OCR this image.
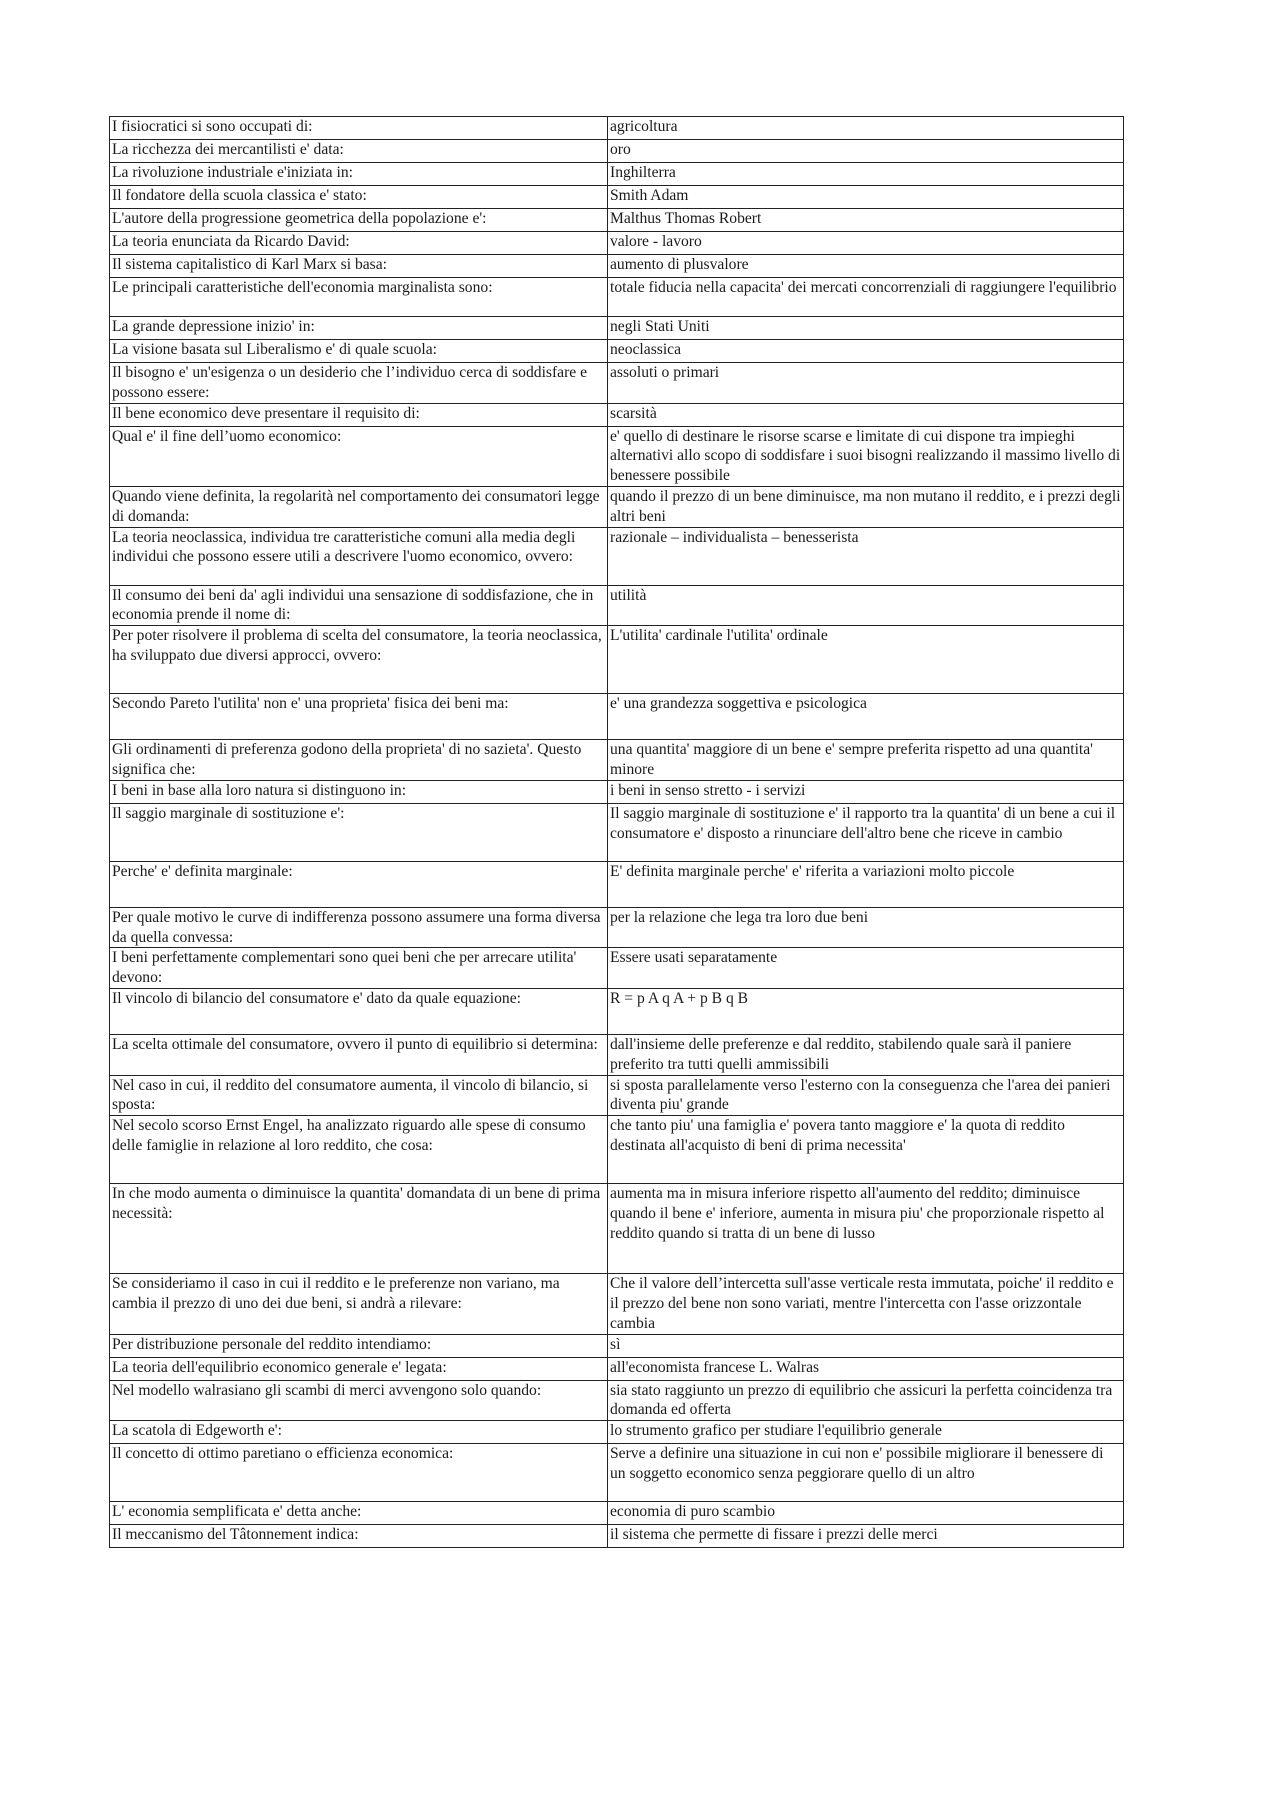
I fisiocratici si sono occupati di:	agricoltura

La ricchezza dei mercantilisti e' data:	oro

La rivoluzione industriale e'iniziata in:	Inghilterra

Il fondatore della scuola classica e' stato:	Smith Adam

L'autore della progressione geometrica della popolazione e':	Malthus Thomas Robert

La teoria enunciata da Ricardo David:	valore - lavoro

Il sistema capitalistico di Karl Marx si basa:	aumento di plusvalore

Le principali caratteristiche dell'economia marginalista sono:	totale fiducia nella capacita' dei mercati concorrenziali di raggiungere l'equilibrio

La grande depressione inizio' in:	negli Stati Uniti

La visione basata sul Liberalismo e' di quale scuola:	neoclassica

Il bisogno e' un'esigenza o un desiderio che l’individuo cerca di soddisfare e possono essere:	assoluti o primari

Il bene economico deve presentare il requisito di:	scarsità

Qual e' il fine dell’uomo economico:	e' quello di destinare le risorse scarse e limitate di cui dispone tra impieghi alternativi allo scopo di soddisfare i suoi bisogni realizzando il massimo livello di benessere possibile

Quando viene definita, la regolarità nel comportamento dei consumatori legge di domanda:	quando il prezzo di un bene diminuisce, ma non mutano il reddito, e i prezzi degli altri beni

La teoria neoclassica, individua tre caratteristiche comuni alla media degli individui che possono essere utili a descrivere l'uomo economico, ovvero:	razionale – individualista – benesserista

Il consumo dei beni da' agli individui una sensazione di soddisfazione, che in economia prende il nome di:	utilità

Per poter risolvere il problema di scelta del consumatore, la teoria neoclassica, ha sviluppato due diversi approcci, ovvero:	L'utilita' cardinale l'utilita' ordinale

Secondo Pareto l'utilita' non e' una proprieta' fisica dei beni ma:	e' una grandezza soggettiva e psicologica

Gli ordinamenti di preferenza godono della proprieta' di no sazieta'. Questo significa che:	una quantita' maggiore di un bene e' sempre preferita rispetto ad una quantita' minore

I beni in base alla loro natura si distinguono in:	i beni in senso stretto - i servizi

Il saggio marginale di sostituzione e':	Il saggio marginale di sostituzione e' il rapporto tra la quantita' di un bene a cui il consumatore e' disposto a rinunciare dell'altro bene che riceve in cambio

Perche' e' definita marginale:	E' definita marginale perche' e' riferita a variazioni molto piccole

Per quale motivo le curve di indifferenza possono assumere una forma diversa da quella convessa:	per la relazione che lega tra loro due beni

I beni perfettamente complementari sono quei beni che per arrecare utilita' devono:	Essere usati separatamente

Il vincolo di bilancio del consumatore e' dato da quale equazione:	R = p A q A + p B q B

La scelta ottimale del consumatore, ovvero il punto di equilibrio si determina:	dall'insieme delle preferenze e dal reddito, stabilendo quale sarà il paniere preferito tra tutti quelli ammissibili

Nel caso in cui, il reddito del consumatore aumenta, il vincolo di bilancio, si sposta:	si sposta parallelamente verso l'esterno con la conseguenza che l'area dei panieri diventa piu' grande

Nel secolo scorso Ernst Engel, ha analizzato riguardo alle spese di consumo delle famiglie in relazione al loro reddito, che cosa:	che tanto piu' una famiglia e' povera tanto maggiore e' la quota di reddito destinata all'acquisto di beni di prima necessita'

In che modo aumenta o diminuisce la quantita' domandata di un bene di prima necessità:	aumenta ma in misura inferiore rispetto all'aumento del reddito; diminuisce quando il bene e' inferiore, aumenta in misura piu' che proporzionale rispetto al reddito quando si tratta di un bene di lusso

Se consideriamo il caso in cui il reddito e le preferenze non variano, ma cambia il prezzo di uno dei due beni, si andrà a rilevare:	Che il valore dell’intercetta sull'asse verticale resta immutata, poiche' il reddito e il prezzo del bene non sono variati, mentre l'intercetta con l'asse orizzontale cambia

Per distribuzione personale del reddito intendiamo:	sì

La teoria dell'equilibrio economico generale e' legata:	all'economista francese L. Walras

Nel modello walrasiano gli scambi di merci avvengono solo quando:	sia stato raggiunto un prezzo di equilibrio che assicuri la perfetta coincidenza tra domanda ed offerta

La scatola di Edgeworth e':	lo strumento grafico per studiare l'equilibrio generale

Il concetto di ottimo paretiano o efficienza economica:	Serve a definire una situazione in cui non e' possibile migliorare il benessere di un soggetto economico senza peggiorare quello di un altro

L' economia semplificata e' detta anche:	economia di puro scambio

Il meccanismo del Tâtonnement indica:	il sistema che permette di fissare i prezzi delle merci
